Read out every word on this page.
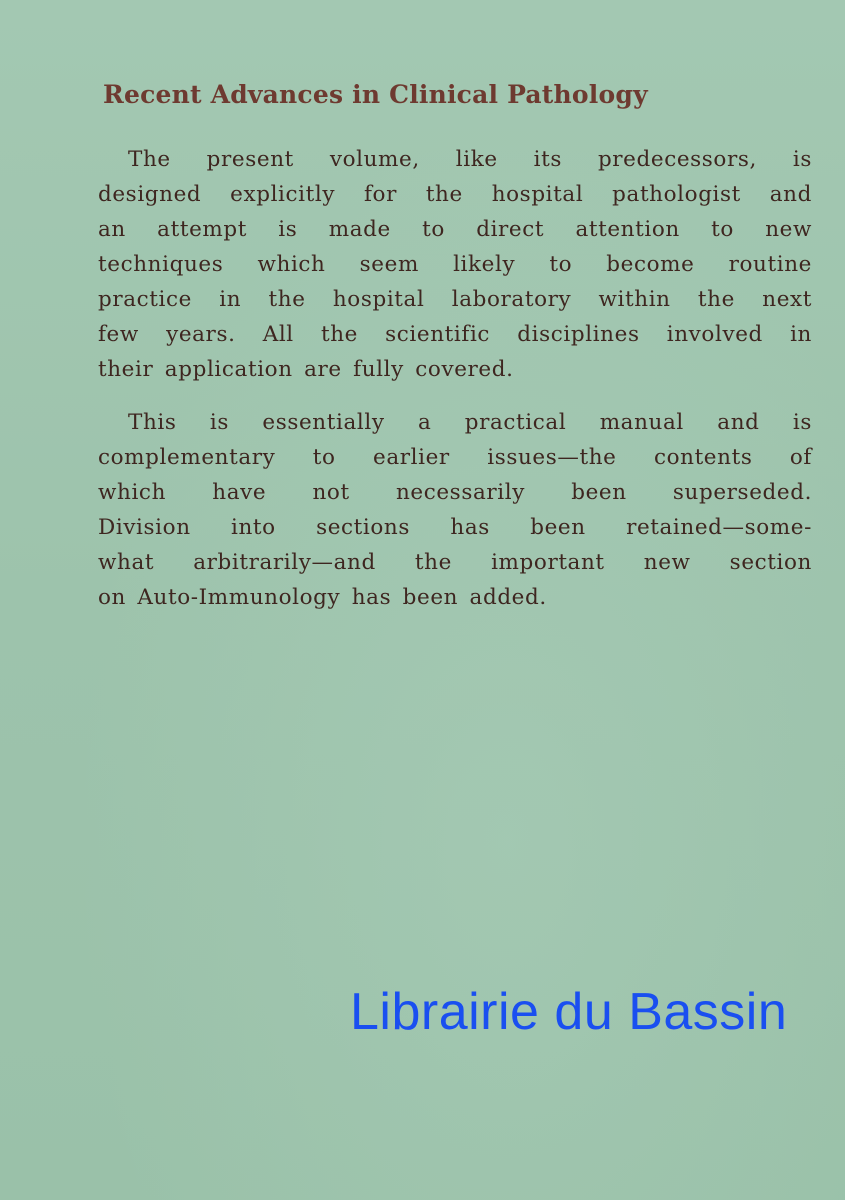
Recent Advances in Clinical Pathology
The present volume, like its predecessors, is
designed explicitly for the hospital pathologist and
an attempt is made to direct attention to new
techniques which seem likely to become routine
practice in the hospital laboratory within the next
few years. All the scientific disciplines involved in
their application are fully covered.
This is essentially a practical manual and is
complementary to earlier issues—the contents of
which have not necessarily been superseded.
Division into sections has been retained—some-
what arbitrarily—and the important new section
on Auto-Immunology has been added.
Librairie du Bassin
